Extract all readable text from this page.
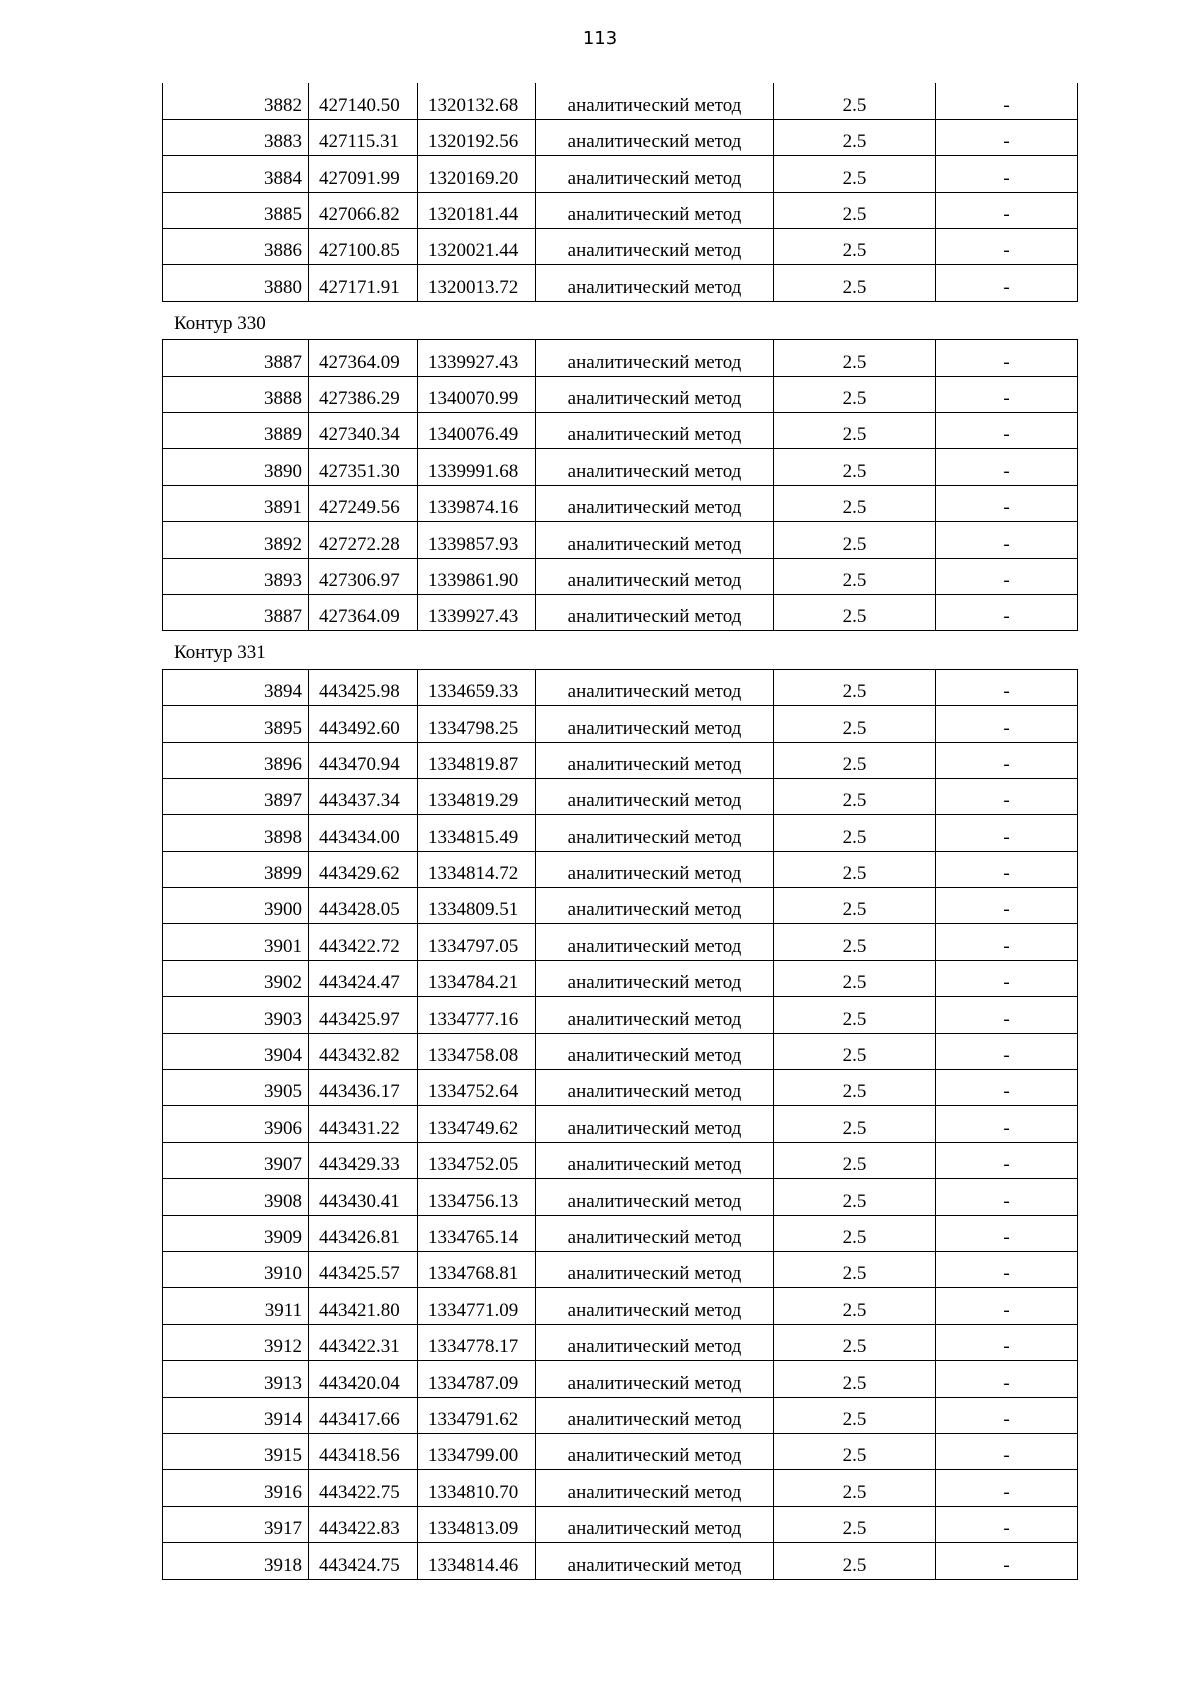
113
3882	427140.50	1320132.68	аналитический метод	2.5	-
3883	427115.31	1320192.56	аналитический метод	2.5	-
3884	427091.99	1320169.20	аналитический метод	2.5	-
3885	427066.82	1320181.44	аналитический метод	2.5	-
3886	427100.85	1320021.44	аналитический метод	2.5	-
3880	427171.91	1320013.72	аналитический метод	2.5	-
Контур 330
3887	427364.09	1339927.43	аналитический метод	2.5	-
3888	427386.29	1340070.99	аналитический метод	2.5	-
3889	427340.34	1340076.49	аналитический метод	2.5	-
3890	427351.30	1339991.68	аналитический метод	2.5	-
3891	427249.56	1339874.16	аналитический метод	2.5	-
3892	427272.28	1339857.93	аналитический метод	2.5	-
3893	427306.97	1339861.90	аналитический метод	2.5	-
3887	427364.09	1339927.43	аналитический метод	2.5	-
Контур 331
3894	443425.98	1334659.33	аналитический метод	2.5	-
3895	443492.60	1334798.25	аналитический метод	2.5	-
3896	443470.94	1334819.87	аналитический метод	2.5	-
3897	443437.34	1334819.29	аналитический метод	2.5	-
3898	443434.00	1334815.49	аналитический метод	2.5	-
3899	443429.62	1334814.72	аналитический метод	2.5	-
3900	443428.05	1334809.51	аналитический метод	2.5	-
3901	443422.72	1334797.05	аналитический метод	2.5	-
3902	443424.47	1334784.21	аналитический метод	2.5	-
3903	443425.97	1334777.16	аналитический метод	2.5	-
3904	443432.82	1334758.08	аналитический метод	2.5	-
3905	443436.17	1334752.64	аналитический метод	2.5	-
3906	443431.22	1334749.62	аналитический метод	2.5	-
3907	443429.33	1334752.05	аналитический метод	2.5	-
3908	443430.41	1334756.13	аналитический метод	2.5	-
3909	443426.81	1334765.14	аналитический метод	2.5	-
3910	443425.57	1334768.81	аналитический метод	2.5	-
3911	443421.80	1334771.09	аналитический метод	2.5	-
3912	443422.31	1334778.17	аналитический метод	2.5	-
3913	443420.04	1334787.09	аналитический метод	2.5	-
3914	443417.66	1334791.62	аналитический метод	2.5	-
3915	443418.56	1334799.00	аналитический метод	2.5	-
3916	443422.75	1334810.70	аналитический метод	2.5	-
3917	443422.83	1334813.09	аналитический метод	2.5	-
3918	443424.75	1334814.46	аналитический метод	2.5	-
